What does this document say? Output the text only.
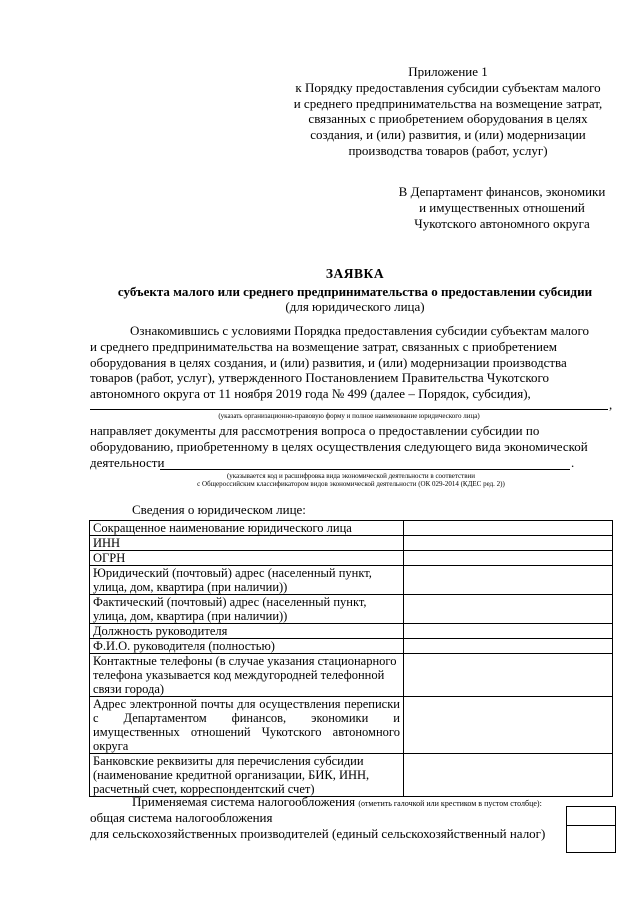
Приложение 1
к Порядку предоставления субсидии субъектам малого
и среднего предпринимательства на возмещение затрат,
связанных с приобретением оборудования в целях
создания, и (или) развития, и (или) модернизации
производства товаров (работ, услуг)
В Департамент финансов, экономики
и имущественных отношений
Чукотского автономного округа
ЗАЯВКА
субъекта малого или среднего предпринимательства о предоставлении субсидии
(для юридического лица)
Ознакомившись с условиями Порядка предоставления субсидии субъектам малого
и среднего предпринимательства на возмещение затрат, связанных с приобретением
оборудования в целях создания, и (или) развития, и (или) модернизации производства
товаров (работ, услуг), утвержденного Постановлением Правительства Чукотского
автономного округа от 11 ноября 2019 года № 499 (далее – Порядок, субсидия),
,
(указать организационно-правовую форму и полное наименование юридического лица)
направляет документы для рассмотрения вопроса о предоставлении субсидии по
оборудованию, приобретенному в целях осуществления следующего вида экономической
деятельности	.
(указывается код и расшифровка вида экономической деятельности в соответствии
с Общероссийским классификатором видов экономической деятельности (ОК 029-2014 (КДЕС ред. 2))
Сведения о юридическом лице:
Сокращенное наименование юридического лица	
ИНН	
ОГРН	
Юридический (почтовый) адрес (населенный пункт, улица, дом, квартира (при наличии))	
Фактический (почтовый) адрес (населенный пункт, улица, дом, квартира (при наличии))	
Должность руководителя	
Ф.И.О. руководителя (полностью)	
Контактные телефоны (в случае указания стационарного телефона указывается код междугородней телефонной связи города)	
Адрес электронной почты для осуществления переписки с Департаментом финансов, экономики и имущественных отношений Чукотского автономного округа	
Банковские реквизиты для перечисления субсидии (наименование кредитной организации, БИК, ИНН, расчетный счет, корреспондентский счет)	
Применяемая система налогообложения (отметить галочкой или крестиком в пустом столбце):
общая система налогообложения
для сельскохозяйственных производителей (единый сельскохозяйственный налог)
